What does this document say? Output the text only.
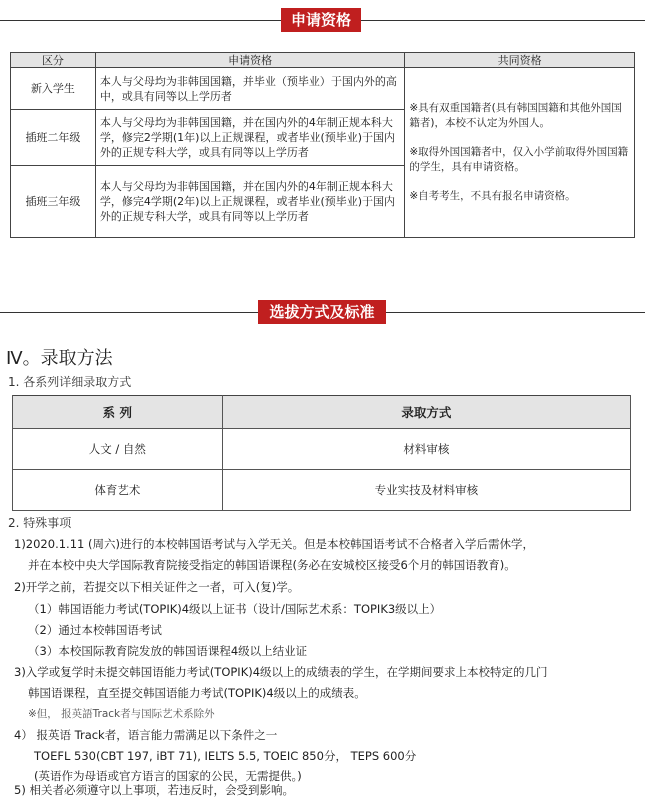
申请资格
区分	申请资格	共同资格
新入学生	本人与父母均为非韩国国籍，并毕业（预毕业）于国内外的高中，或具有同等以上学历者	※具有双重国籍者(具有韩国国籍和其他外国国籍者)，本校不认定为外国人。

※取得外国国籍者中，仅入小学前取得外国国籍的学生，具有申请资格。

※自考考生，不具有报名申请资格。

插班二年级	本人与父母均为非韩国国籍，并在国内外的4年制正规本科大学，修完2学期(1年)以上正规课程，或者毕业(预毕业)于国内外的正规专科大学，或具有同等以上学历者	
插班三年级	本人与父母均为非韩国国籍，并在国内外的4年制正规本科大学，修完4学期(2年)以上正规课程，或者毕业(预毕业)于国内外的正规专科大学，或具有同等以上学历者	
选拔方式及标准
Ⅳ。录取方法
1. 各系列详细录取方式
系 列	录取方式
人文 / 自然	材料审核
体育艺术	专业实技及材料审核
2. 特殊事项
1)2020.1.11 (周六)进行的本校韩国语考试与入学无关。但是本校韩国语考试不合格者入学后需休学，
并在本校中央大学国际教育院接受指定的韩国语课程(务必在安城校区接受6个月的韩国语教育)。
2)开学之前，若提交以下相关证件之一者，可入(复)学。
（1）韩国语能力考试(TOPIK)4级以上证书（设计/国际艺术系：TOPIK3级以上）
（2）通过本校韩国语考试
（3）本校国际教育院发放的韩国语课程4级以上结业证
3)入学或复学时未提交韩国语能力考试(TOPIK)4级以上的成绩表的学生，在学期间要求上本校特定的几门
韩国语课程，直至提交韩国语能力考试(TOPIK)4级以上的成绩表。
※但， 报英語Track者与国际艺术系除外
4） 报英语 Track者，语言能力需满足以下条件之一
TOEFL 530(CBT 197, iBT 71), IELTS 5.5, TOEIC 850分， TEPS 600分
(英语作为母语或官方语言的国家的公民，无需提供。)
5) 相关者必须遵守以上事项，若违反时，会受到影响。
